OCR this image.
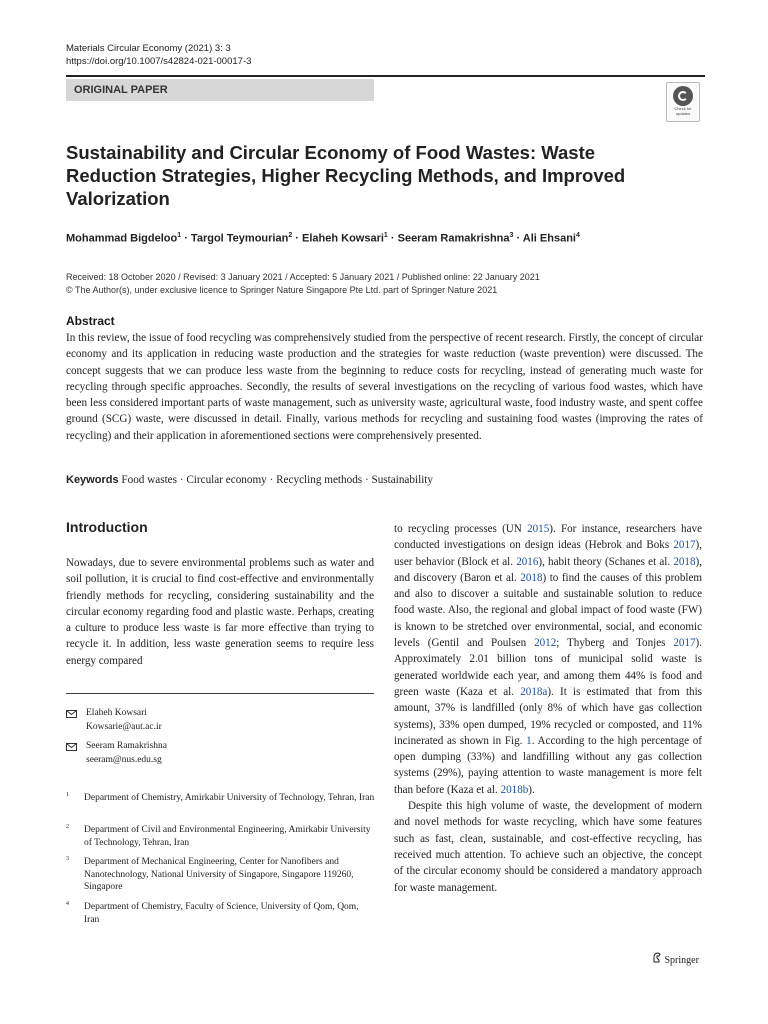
Materials Circular Economy (2021) 3: 3
https://doi.org/10.1007/s42824-021-00017-3
ORIGINAL PAPER
Check for updates
Sustainability and Circular Economy of Food Wastes: Waste Reduction Strategies, Higher Recycling Methods, and Improved Valorization
Mohammad Bigdeloo$^1$ · Targol Teymourian$^2$ · Elaheh Kowsari$^1$ · Seeram Ramakrishna$^3$ · Ali Ehsani$^4$
Received: 18 October 2020 / Revised: 3 January 2021 / Accepted: 5 January 2021 / Published online: 22 January 2021
© The Author(s), under exclusive licence to Springer Nature Singapore Pte Ltd. part of Springer Nature 2021
Abstract
In this review, the issue of food recycling was comprehensively studied from the perspective of recent research. Firstly, the concept of circular economy and its application in reducing waste production and the strategies for waste reduction (waste prevention) were discussed. The concept suggests that we can produce less waste from the beginning to reduce costs for recycling, instead of generating much waste for recycling through specific approaches. Secondly, the results of several investigations on the recycling of various food wastes, which have been less considered important parts of waste management, such as university waste, agricultural waste, food industry waste, and spent coffee ground (SCG) waste, were discussed in detail. Finally, various methods for recycling and sustaining food wastes (improving the rates of recycling) and their application in aforementioned sections were comprehensively presented.
Keywords Food wastes · Circular economy · Recycling methods · Sustainability
Introduction
Nowadays, due to severe environmental problems such as water and soil pollution, it is crucial to find cost-effective and environmentally friendly methods for recycling, considering sustainability and the circular economy regarding food and plastic waste. Perhaps, creating a culture to produce less waste is far more effective than trying to recycle it. In addition, less waste generation seems to require less energy compared
Elaheh Kowsari
Kowsarie@aut.ac.ir
Seeram Ramakrishna
seeram@nus.edu.sg
1 Department of Chemistry, Amirkabir University of Technology, Tehran, Iran
2 Department of Civil and Environmental Engineering, Amirkabir University of Technology, Tehran, Iran
3 Department of Mechanical Engineering, Center for Nanofibers and Nanotechnology, National University of Singapore, Singapore 119260, Singapore
4 Department of Chemistry, Faculty of Science, University of Qom, Qom, Iran

to recycling processes (UN 2015). For instance, researchers have conducted investigations on design ideas (Hebrok and Boks 2017), user behavior (Block et al. 2016), habit theory (Schanes et al. 2018), and discovery (Baron et al. 2018) to find the causes of this problem and also to discover a suitable and sustainable solution to reduce food waste. Also, the regional and global impact of food waste (FW) is known to be stretched over environmental, social, and economic levels (Gentil and Poulsen 2012; Thyberg and Tonjes 2017). Approximately 2.01 billion tons of municipal solid waste is generated worldwide each year, and among them 44% is food and green waste (Kaza et al. 2018a). It is estimated that from this amount, 37% is landfilled (only 8% of which have gas collection systems), 33% open dumped, 19% recycled or composted, and 11% incinerated as shown in Fig. 1. According to the high percentage of open dumping (33%) and landfilling without any gas collection systems (29%), paying attention to waste management is more felt than before (Kaza et al. 2018b).

Despite this high volume of waste, the development of modern and novel methods for waste recycling, which have some features such as fast, clean, sustainable, and cost-effective recycling, has received much attention. To achieve such an objective, the concept of the circular economy should be considered a mandatory approach for waste management.

Springer
